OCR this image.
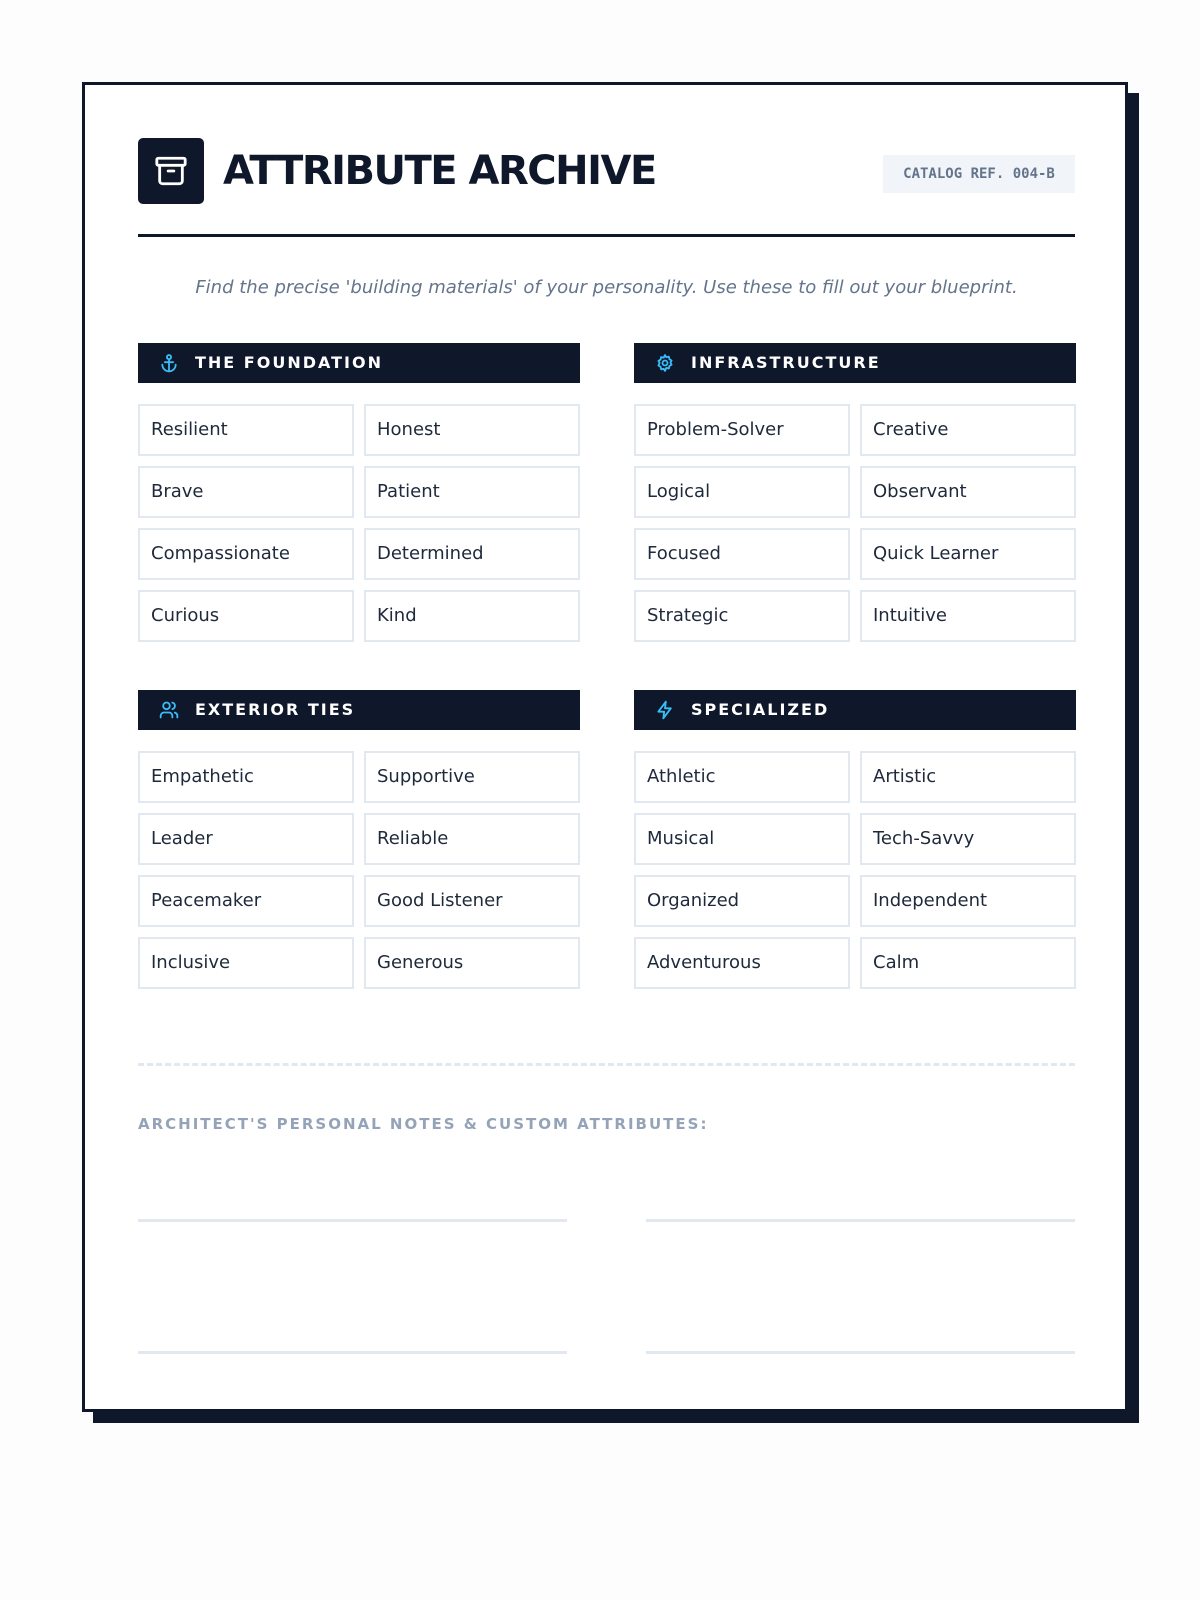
ATTRIBUTE ARCHIVE	CATALOG REF. 004-B
Find the precise 'building materials' of your personality. Use these to fill out your blueprint.
THE FOUNDATION
Resilient	Honest
Brave	Patient
Compassionate	Determined
Curious	Kind
INFRASTRUCTURE
Problem-Solver	Creative
Logical	Observant
Focused	Quick Learner
Strategic	Intuitive
EXTERIOR TIES
Empathetic	Supportive
Leader	Reliable
Peacemaker	Good Listener
Inclusive	Generous
SPECIALIZED
Athletic	Artistic
Musical	Tech-Savvy
Organized	Independent
Adventurous	Calm
ARCHITECT'S PERSONAL NOTES & CUSTOM ATTRIBUTES:
